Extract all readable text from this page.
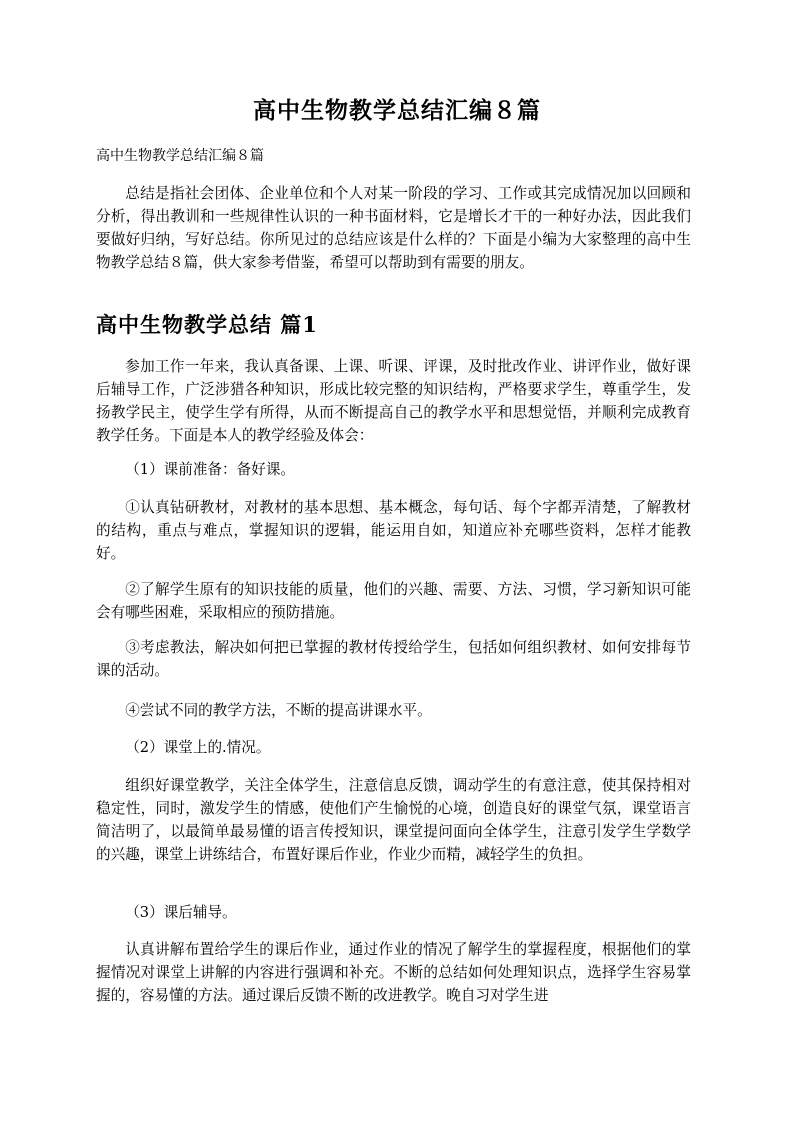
高中生物教学总结汇编８篇
高中生物教学总结汇编８篇

总结是指社会团体、企业单位和个人对某一阶段的学习、工作或其完成情况加以回顾和分析，得出教训和一些规律性认识的一种书面材料，它是增长才干的一种好办法，因此我们要做好归纳，写好总结。你所见过的总结应该是什么样的？下面是小编为大家整理的高中生物教学总结８篇，供大家参考借鉴，希望可以帮助到有需要的朋友。

高中生物教学总结 篇1

参加工作一年来，我认真备课、上课、听课、评课，及时批改作业、讲评作业，做好课后辅导工作，广泛涉猎各种知识，形成比较完整的知识结构，严格要求学生，尊重学生，发扬教学民主，使学生学有所得，从而不断提高自己的教学水平和思想觉悟，并顺利完成教育教学任务。下面是本人的教学经验及体会：

（1）课前准备：备好课。

①认真钻研教材，对教材的基本思想、基本概念，每句话、每个字都弄清楚，了解教材的结构，重点与难点，掌握知识的逻辑，能运用自如，知道应补充哪些资料，怎样才能教好。

②了解学生原有的知识技能的质量，他们的兴趣、需要、方法、习惯，学习新知识可能会有哪些困难，采取相应的预防措施。

③考虑教法，解决如何把已掌握的教材传授给学生，包括如何组织教材、如何安排每节课的活动。

④尝试不同的教学方法，不断的提高讲课水平。

（2）课堂上的.情况。

组织好课堂教学，关注全体学生，注意信息反馈，调动学生的有意注意，使其保持相对稳定性，同时，激发学生的情感，使他们产生愉悦的心境，创造良好的课堂气氛，课堂语言简洁明了，以最简单最易懂的语言传授知识，课堂提问面向全体学生，注意引发学生学数学的兴趣，课堂上讲练结合，布置好课后作业，作业少而精，减轻学生的负担。

（3）课后辅导。

认真讲解布置给学生的课后作业，通过作业的情况了解学生的掌握程度，根据他们的掌握情况对课堂上讲解的内容进行强调和补充。不断的总结如何处理知识点，选择学生容易掌握的，容易懂的方法。通过课后反馈不断的改进教学。晚自习对学生进
